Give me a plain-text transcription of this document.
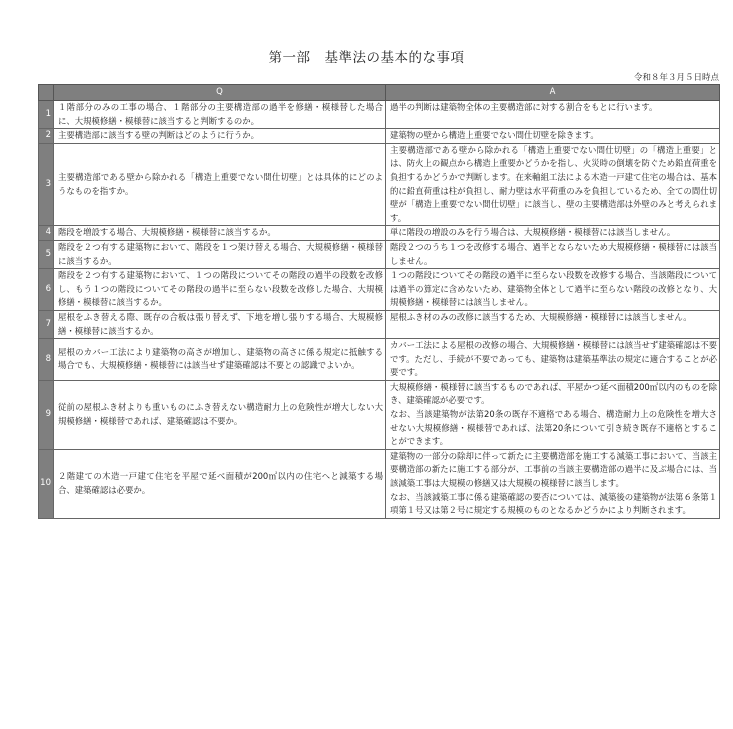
第一部　基準法の基本的な事項
令和８年３月５日時点
	Q	A
1	１階部分のみの工事の場合、１階部分の主要構造部の過半を修繕・模様替した場合に、大規模修繕・模様替に該当すると判断するのか。	過半の判断は建築物全体の主要構造部に対する割合をもとに行います。
2	主要構造部に該当する壁の判断はどのように行うか。	建築物の壁から構造上重要でない間仕切壁を除きます。
3	主要構造部である壁から除かれる「構造上重要でない間仕切壁」とは具体的にどのようなものを指すか。	主要構造部である壁から除かれる「構造上重要でない間仕切壁」の「構造上重要」とは、防火上の観点から構造上重要かどうかを指し、火災時の倒壊を防ぐため鉛直荷重を負担するかどうかで判断します。在来軸組工法による木造一戸建て住宅の場合は、基本的に鉛直荷重は柱が負担し、耐力壁は水平荷重のみを負担しているため、全ての間仕切壁が「構造上重要でない間仕切壁」に該当し、壁の主要構造部は外壁のみと考えられます。
4	階段を増設する場合、大規模修繕・模様替に該当するか。	単に階段の増設のみを行う場合は、大規模修繕・模様替には該当しません。
5	階段を２つ有する建築物において、階段を１つ架け替える場合、大規模修繕・模様替に該当するか。	階段２つのうち１つを改修する場合、過半とならないため大規模修繕・模様替には該当しません。
6	階段を２つ有する建築物において、１つの階段についてその階段の過半の段数を改修し、もう１つの階段についてその階段の過半に至らない段数を改修した場合、大規模修繕・模様替に該当するか。	１つの階段についてその階段の過半に至らない段数を改修する場合、当該階段については過半の算定に含めないため、建築物全体として過半に至らない階段の改修となり、大規模修繕・模様替には該当しません。
7	屋根をふき替える際、既存の合板は張り替えず、下地を増し張りする場合、大規模修繕・模様替に該当するか。	屋根ふき材のみの改修に該当するため、大規模修繕・模様替には該当しません。
8	屋根のカバー工法により建築物の高さが増加し、建築物の高さに係る規定に抵触する場合でも、大規模修繕・模様替には該当せず建築確認は不要との認識でよいか。	カバー工法による屋根の改修の場合、大規模修繕・模様替には該当せず建築確認は不要です。ただし、手続が不要であっても、建築物は建築基準法の規定に適合することが必要です。
9	従前の屋根ふき材よりも重いものにふき替えない構造耐力上の危険性が増大しない大規模修繕・模様替であれば、建築確認は不要か。	大規模修繕・模様替に該当するものであれば、平屋かつ延べ面積200㎡以内のものを除き、建築確認が必要です。
なお、当該建築物が法第20条の既存不適格である場合、構造耐力上の危険性を増大させない大規模修繕・模様替であれば、法第20条について引き続き既存不適格とすることができます。
10	２階建ての木造一戸建て住宅を平屋で延べ面積が200㎡以内の住宅へと減築する場合、建築確認は必要か。	建築物の一部分の除却に伴って新たに主要構造部を施工する減築工事において、当該主要構造部の新たに施工する部分が、工事前の当該主要構造部の過半に及ぶ場合には、当該減築工事は大規模の修繕又は大規模の模様替に該当します。
なお、当該減築工事に係る建築確認の要否については、減築後の建築物が法第６条第１項第１号又は第２号に規定する規模のものとなるかどうかにより判断されます。
